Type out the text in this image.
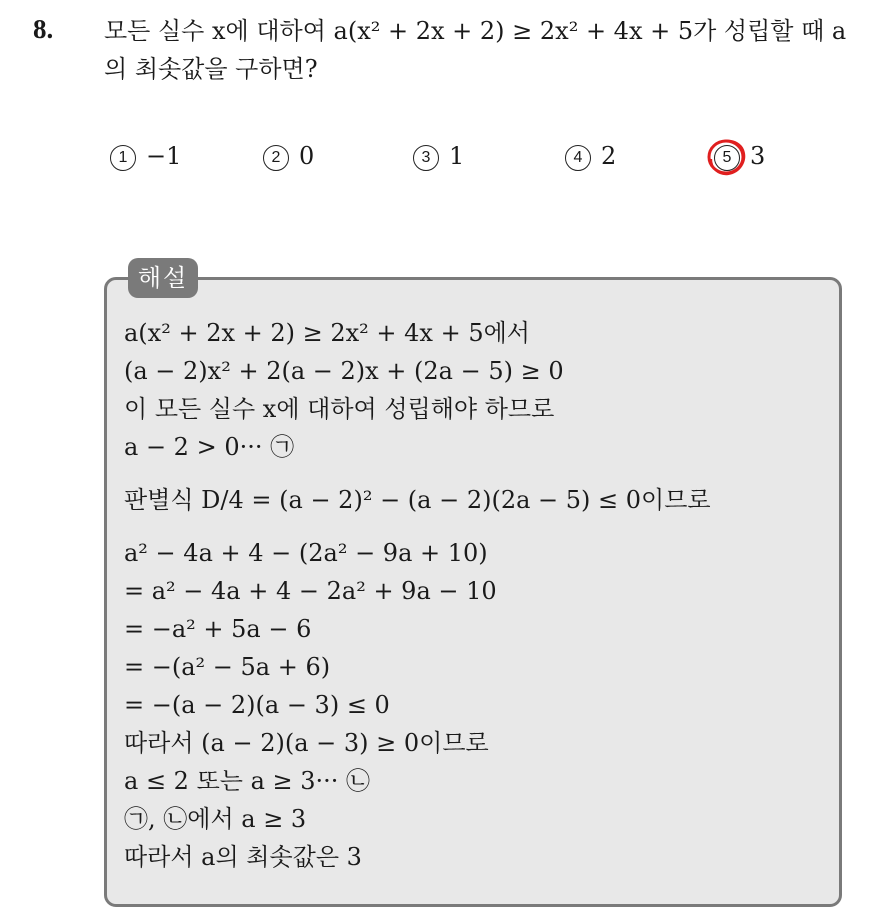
8. 모든 실수 x에 대하여 a(x² + 2x + 2) ≥ 2x² + 4x + 5가 성립할 때 a
의 최솟값을 구하면?
1 −1	2 0	3 1	4 2	5 3
해설
a(x² + 2x + 2) ≥ 2x² + 4x + 5에서
(a − 2)x² + 2(a − 2)x + (2a − 5) ≥ 0
이 모든 실수 x에 대하여 성립해야 하므로
a − 2 > 0··· ㉠
판별식 D/4 = (a − 2)² − (a − 2)(2a − 5) ≤ 0이므로
a² − 4a + 4 − (2a² − 9a + 10)
= a² − 4a + 4 − 2a² + 9a − 10
= −a² + 5a − 6
= −(a² − 5a + 6)
= −(a − 2)(a − 3) ≤ 0
따라서 (a − 2)(a − 3) ≥ 0이므로
a ≤ 2 또는 a ≥ 3··· ㉡
㉠, ㉡에서 a ≥ 3
따라서 a의 최솟값은 3
